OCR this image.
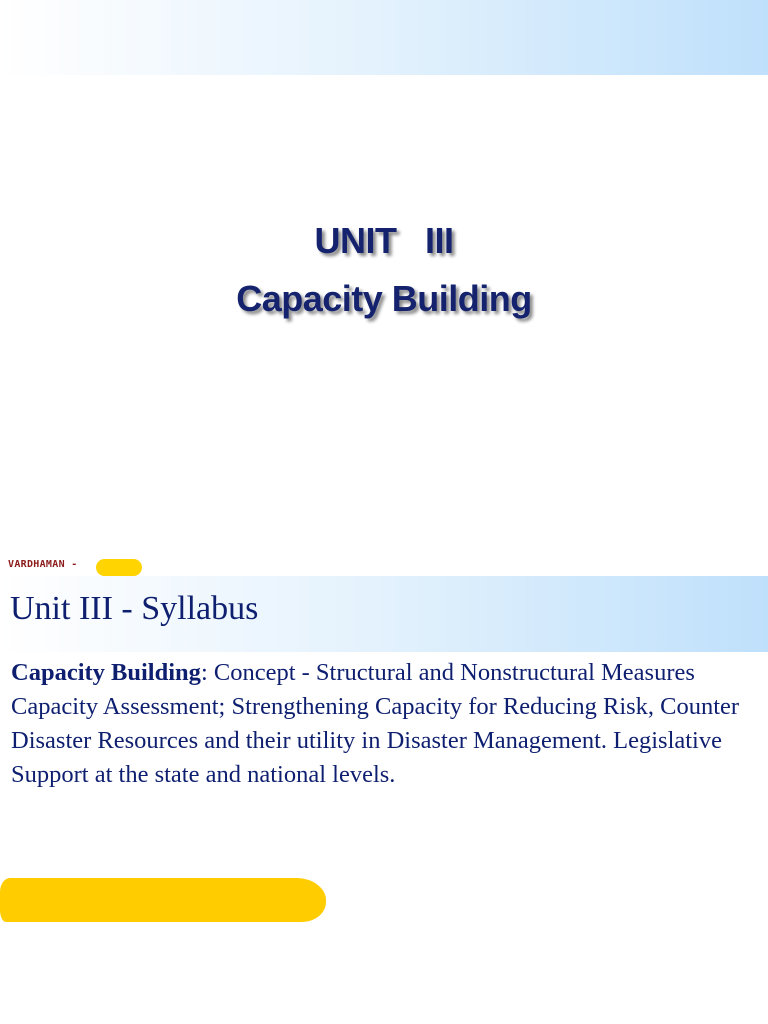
UNIT   III
Capacity Building
VARDHAMAN -
Unit III - Syllabus
Capacity Building: Concept - Structural and Nonstructural Measures Capacity Assessment; Strengthening Capacity for Reducing Risk, Counter Disaster Resources and their utility in Disaster Management. Legislative Support at the state and national levels.
